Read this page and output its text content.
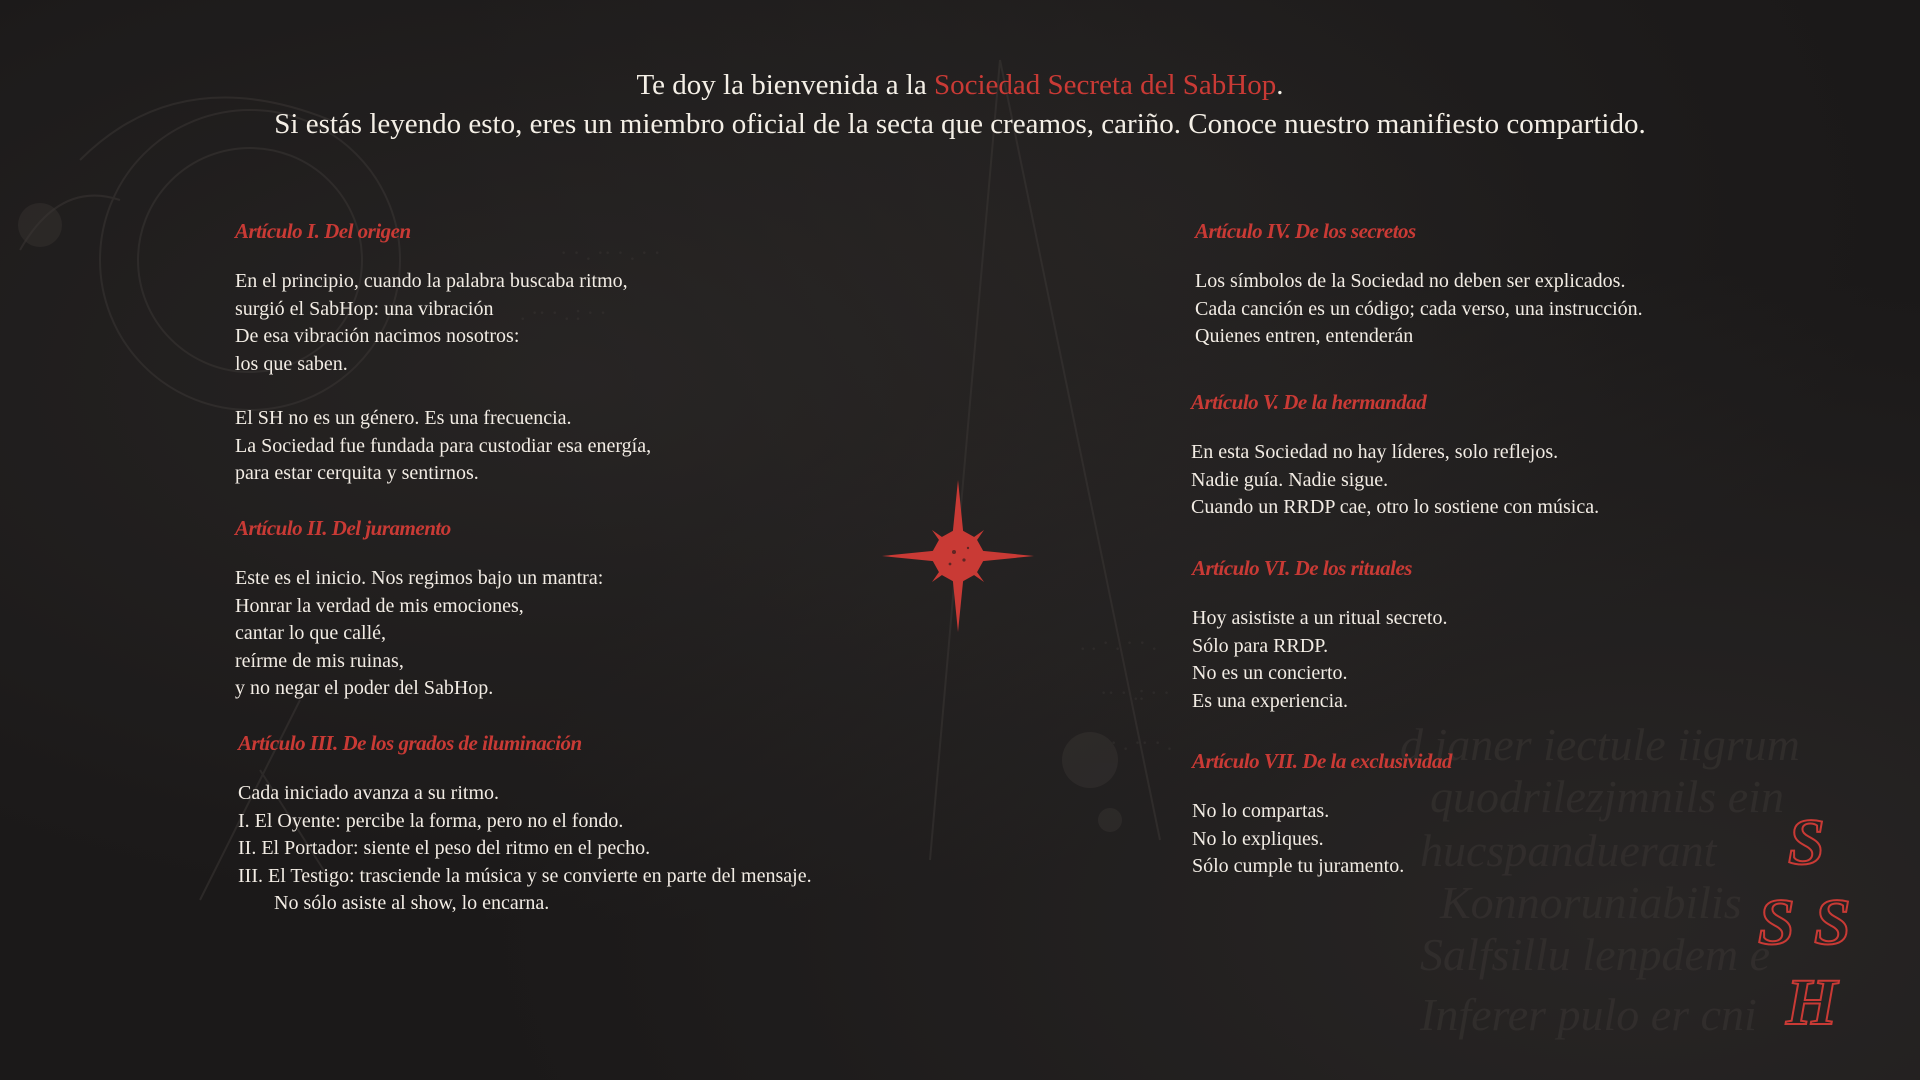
d ianer iectule iigrum
quodrilezjmnils ein
hucspanduerant
Konnoruniabilis
Salfsillu lenpdem e
Inferer pulo er cni
. . · . · · .
·· · .: · ·
· . ·· · .
· · . ·· · . · ·
. ·· · . : · ·
Te doy la bienvenida a la Sociedad Secreta del SabHop.
Si estás leyendo esto, eres un miembro oficial de la secta que creamos, cariño. Conoce nuestro manifiesto compartido.
Artículo I. Del origen

En el principio, cuando la palabra buscaba ritmo,

surgió el SabHop: una vibración

De esa vibración nacimos nosotros:

los que saben.

El SH no es un género. Es una frecuencia.

La Sociedad fue fundada para custodiar esa energía,

para estar cerquita y sentirnos.

Artículo II. Del juramento

Este es el inicio. Nos regimos bajo un mantra:

Honrar la verdad de mis emociones,

cantar lo que callé,

reírme de mis ruinas,

y no negar el poder del SabHop.

Artículo III. De los grados de iluminación

Cada iniciado avanza a su ritmo.

I. El Oyente: percibe la forma, pero no el fondo.

II. El Portador: siente el peso del ritmo en el pecho.

III. El Testigo: trasciende la música y se convierte en parte del mensaje.

No sólo asiste al show, lo encarna.

Artículo IV. De los secretos

Los símbolos de la Sociedad no deben ser explicados.

Cada canción es un código; cada verso, una instrucción.

Quienes entren, entenderán

Artículo V. De la hermandad

En esta Sociedad no hay líderes, solo reflejos.

Nadie guía. Nadie sigue.

Cuando un RRDP cae, otro lo sostiene con música.

Artículo VI. De los rituales

Hoy asististe a un ritual secreto.

Sólo para RRDP.

No es un concierto.

Es una experiencia.

Artículo VII. De la exclusividad

No lo compartas.

No lo expliques.

Sólo cumple tu juramento.	S
S S
H
